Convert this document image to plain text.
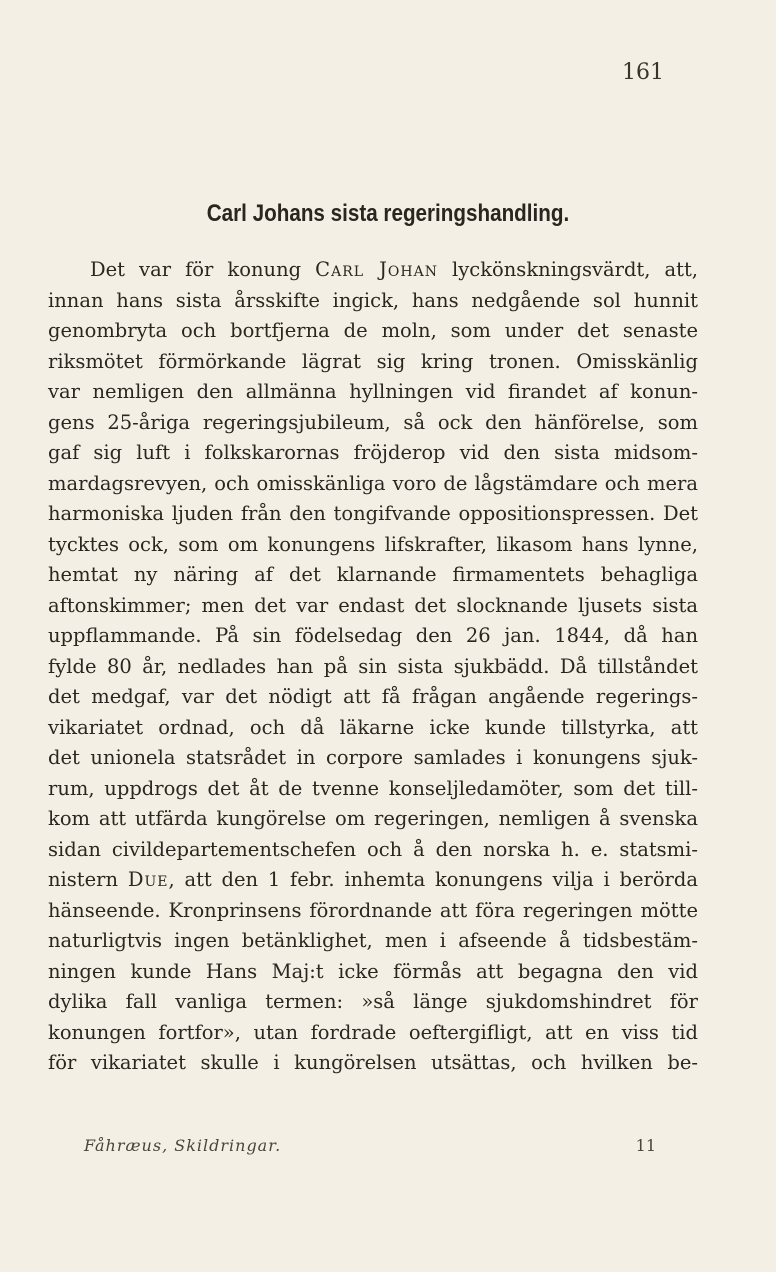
161
Carl Johans sista regeringshandling.
Det var för konung Carl Johan lyckönskningsvärdt, att,
innan hans sista årsskifte ingick, hans nedgående sol hunnit
genombryta och bortfjerna de moln, som under det senaste
riksmötet förmörkande lägrat sig kring tronen. Omisskänlig
var nemligen den allmänna hyllningen vid firandet af konun-
gens 25-åriga regeringsjubileum, så ock den hänförelse, som
gaf sig luft i folkskarornas fröjderop vid den sista midsom-
mardagsrevyen, och omisskänliga voro de lågstämdare och mera
harmoniska ljuden från den tongifvande oppositionspressen. Det
tycktes ock, som om konungens lifskrafter, likasom hans lynne,
hemtat ny näring af det klarnande firmamentets behagliga
aftonskimmer; men det var endast det slocknande ljusets sista
uppflammande. På sin födelsedag den 26 jan. 1844, då han
fylde 80 år, nedlades han på sin sista sjukbädd. Då tillståndet
det medgaf, var det nödigt att få frågan angående regerings-
vikariatet ordnad, och då läkarne icke kunde tillstyrka, att
det unionela statsrådet in corpore samlades i konungens sjuk-
rum, uppdrogs det åt de tvenne konseljledamöter, som det till-
kom att utfärda kungörelse om regeringen, nemligen å svenska
sidan civildepartementschefen och å den norska h. e. statsmi-
nistern Due, att den 1 febr. inhemta konungens vilja i berörda
hänseende. Kronprinsens förordnande att föra regeringen mötte
naturligtvis ingen betänklighet, men i afseende å tidsbestäm-
ningen kunde Hans Maj:t icke förmås att begagna den vid
dylika fall vanliga termen: »så länge sjukdomshindret för
konungen fortfor», utan fordrade oeftergifligt, att en viss tid
för vikariatet skulle i kungörelsen utsättas, och hvilken be-
Fåhræus, Skildringar.	11
